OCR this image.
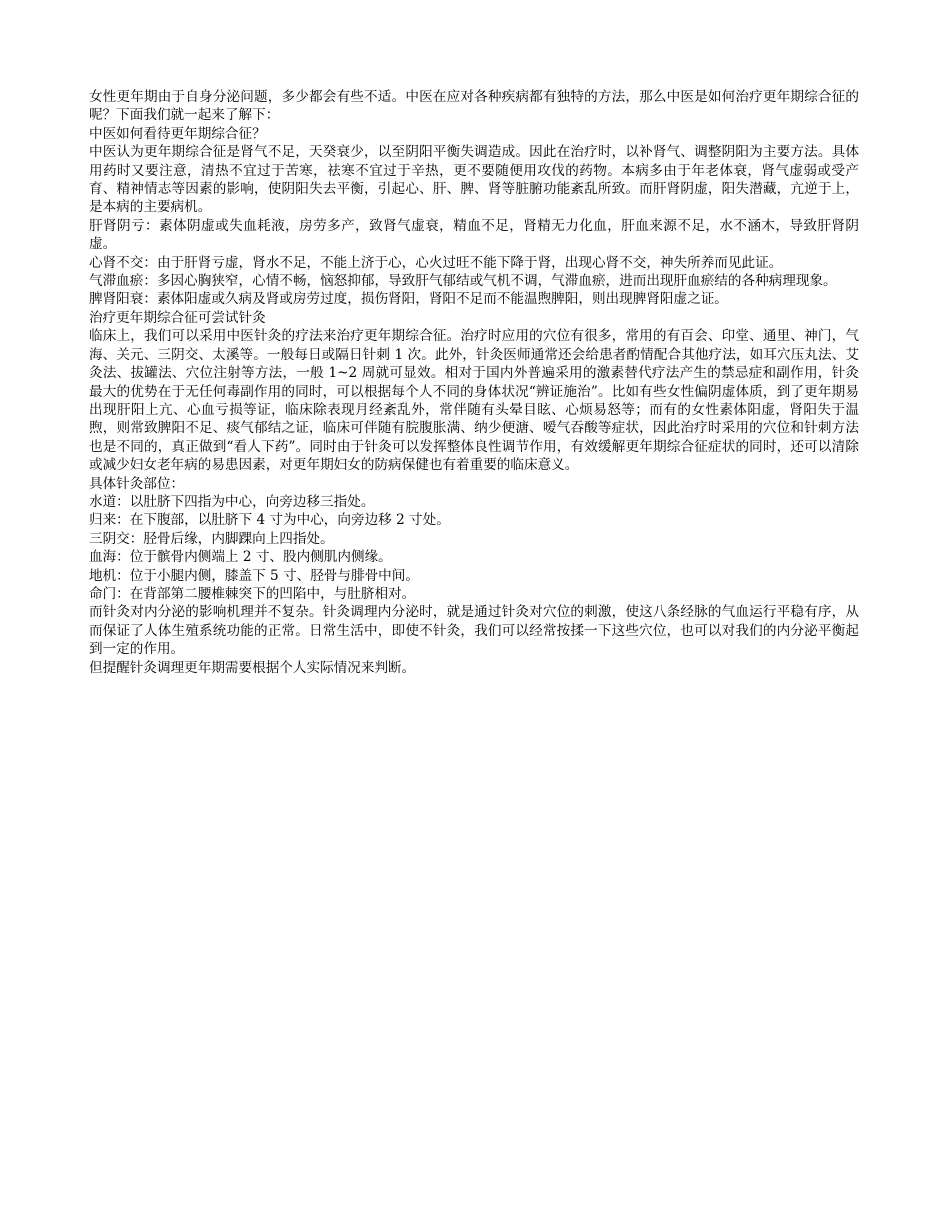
女性更年期由于自身分泌问题，多少都会有些不适。中医在应对各种疾病都有独特的方法，那么中医是如何治疗更年期综合征的呢？下面我们就一起来了解下：

中医如何看待更年期综合征？

中医认为更年期综合征是肾气不足，天癸衰少，以至阴阳平衡失调造成。因此在治疗时，以补肾气、调整阴阳为主要方法。具体用药时又要注意，清热不宜过于苦寒，祛寒不宜过于辛热，更不要随便用攻伐的药物。本病多由于年老体衰，肾气虚弱或受产育、精神情志等因素的影响，使阴阳失去平衡，引起心、肝、脾、肾等脏腑功能紊乱所致。而肝肾阴虚，阳失潜藏，亢逆于上，是本病的主要病机。

肝肾阴亏：素体阴虚或失血耗液，房劳多产，致肾气虚衰，精血不足，肾精无力化血，肝血来源不足，水不涵木，导致肝肾阴虚。

心肾不交：由于肝肾亏虚，肾水不足，不能上济于心，心火过旺不能下降于肾，出现心肾不交，神失所养而见此证。

气滞血瘀：多因心胸狭窄，心情不畅，恼怒抑郁，导致肝气郁结或气机不调，气滞血瘀，进而出现肝血瘀结的各种病理现象。

脾肾阳衰：素体阳虚或久病及肾或房劳过度，损伤肾阳，肾阳不足而不能温煦脾阳，则出现脾肾阳虚之证。

治疗更年期综合征可尝试针灸

临床上，我们可以采用中医针灸的疗法来治疗更年期综合征。治疗时应用的穴位有很多，常用的有百会、印堂、通里、神门，气海、关元、三阴交、太溪等。一般每日或隔日针刺 1 次。此外，针灸医师通常还会给患者酌情配合其他疗法，如耳穴压丸法、艾灸法、拔罐法、穴位注射等方法，一般 1~2 周就可显效。相对于国内外普遍采用的激素替代疗法产生的禁忌症和副作用，针灸最大的优势在于无任何毒副作用的同时，可以根据每个人不同的身体状况“辨证施治”。比如有些女性偏阴虚体质，到了更年期易出现肝阳上亢、心血亏损等证，临床除表现月经紊乱外，常伴随有头晕目眩、心烦易怒等；而有的女性素体阳虚，肾阳失于温煦，则常致脾阳不足、痰气郁结之证，临床可伴随有脘腹胀满、纳少便溏、嗳气吞酸等症状，因此治疗时采用的穴位和针刺方法也是不同的，真正做到“看人下药”。同时由于针灸可以发挥整体良性调节作用，有效缓解更年期综合征症状的同时，还可以清除或减少妇女老年病的易患因素，对更年期妇女的防病保健也有着重要的临床意义。

具体针灸部位：

水道：以肚脐下四指为中心，向旁边移三指处。

归来：在下腹部，以肚脐下 4 寸为中心，向旁边移 2 寸处。

三阴交：胫骨后缘，内脚踝向上四指处。

血海：位于髌骨内侧端上 2 寸、股内侧肌内侧缘。

地机：位于小腿内侧，膝盖下 5 寸、胫骨与腓骨中间。

命门：在背部第二腰椎棘突下的凹陷中，与肚脐相对。

而针灸对内分泌的影响机理并不复杂。针灸调理内分泌时，就是通过针灸对穴位的刺激，使这八条经脉的气血运行平稳有序，从而保证了人体生殖系统功能的正常。日常生活中，即使不针灸，我们可以经常按揉一下这些穴位，也可以对我们的内分泌平衡起到一定的作用。

但提醒针灸调理更年期需要根据个人实际情况来判断。
